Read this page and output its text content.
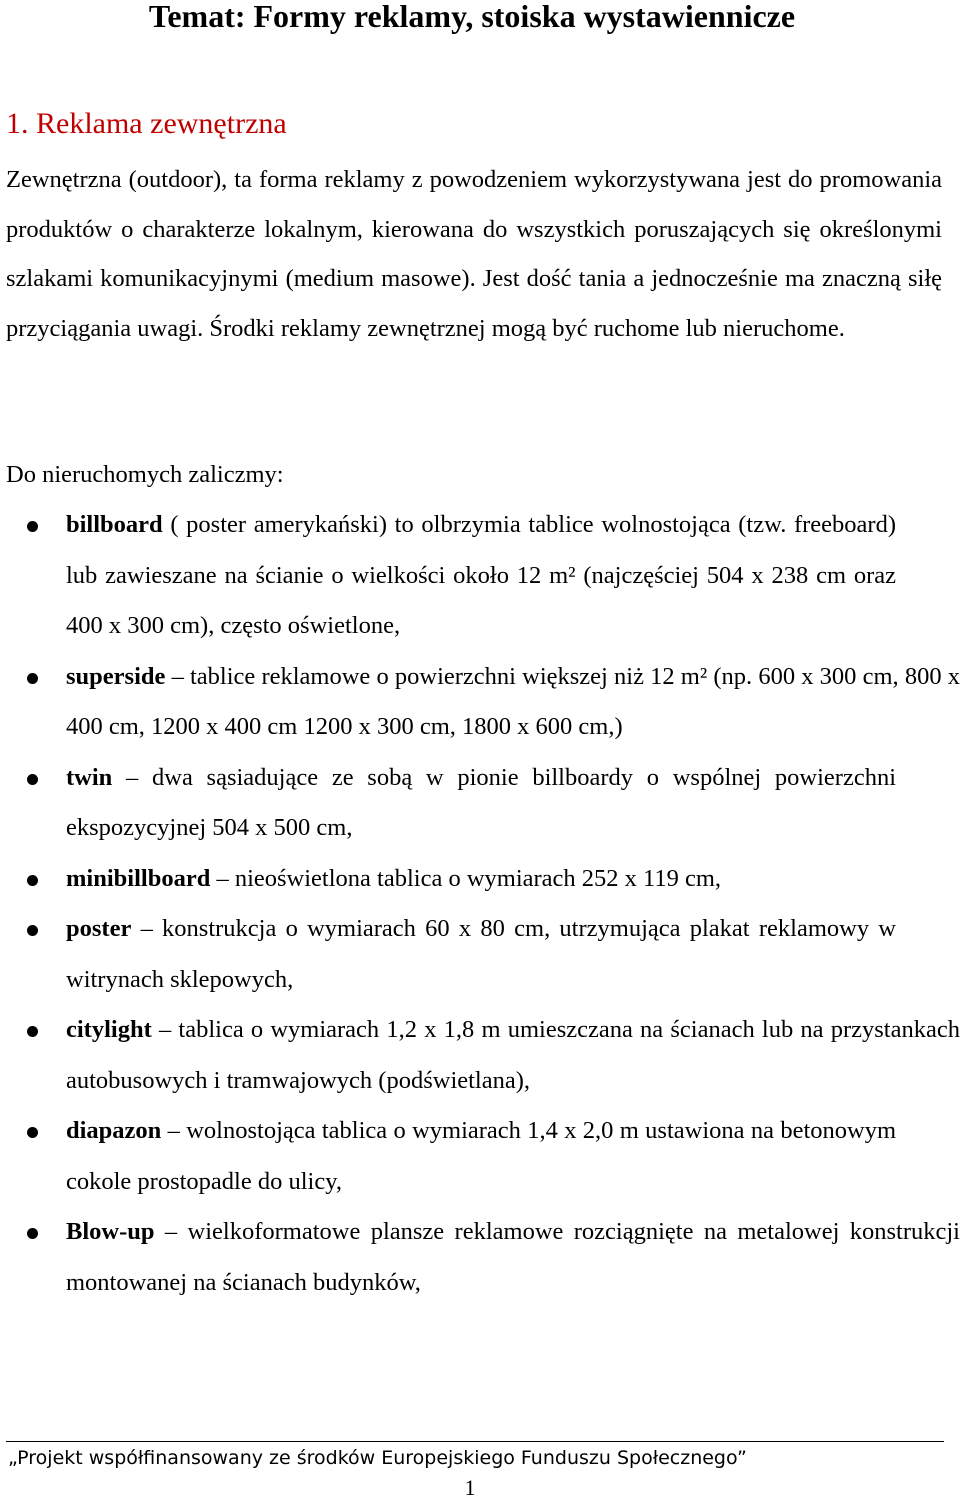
Temat: Formy reklamy, stoiska wystawiennicze
1. Reklama zewnętrzna

Zewnętrzna (outdoor), ta forma reklamy z powodzeniem wykorzystywana jest do promowania produktów o charakterze lokalnym, kierowana do wszystkich poruszających się określonymi szlakami komunikacyjnymi (medium masowe). Jest dość tania a jednocześnie ma znaczną siłę przyciągania uwagi. Środki reklamy zewnętrznej mogą być ruchome lub nieruchome.

Do nieruchomych zaliczmy:

billboard ( poster amerykański) to olbrzymia tablice wolnostojąca (tzw. freeboard) lub zawieszane na ścianie o wielkości około 12 m² (najczęściej 504 x 238 cm oraz 400 x 300 cm), często oświetlone,
superside – tablice reklamowe o powierzchni większej niż 12 m² (np. 600 x 300 cm, 800 x 400 cm, 1200 x 400 cm 1200 x 300 cm, 1800 x 600 cm,)
twin – dwa sąsiadujące ze sobą w pionie billboardy o wspólnej powierzchni ekspozycyjnej 504 x 500 cm,
minibillboard – nieoświetlona tablica o wymiarach 252 x 119 cm,
poster – konstrukcja o wymiarach 60 x 80 cm, utrzymująca plakat reklamowy w witrynach sklepowych,
citylight – tablica o wymiarach 1,2 x 1,8 m umieszczana na ścianach lub na przystankach autobusowych i tramwajowych (podświetlana),
diapazon – wolnostojąca tablica o wymiarach 1,4 x 2,0 m ustawiona na betonowym cokole prostopadle do ulicy,
Blow-up – wielkoformatowe plansze reklamowe rozciągnięte na metalowej konstrukcji montowanej na ścianach budynków,

„Projekt współfinansowany ze środków Europejskiego Funduszu Społecznego”

1
